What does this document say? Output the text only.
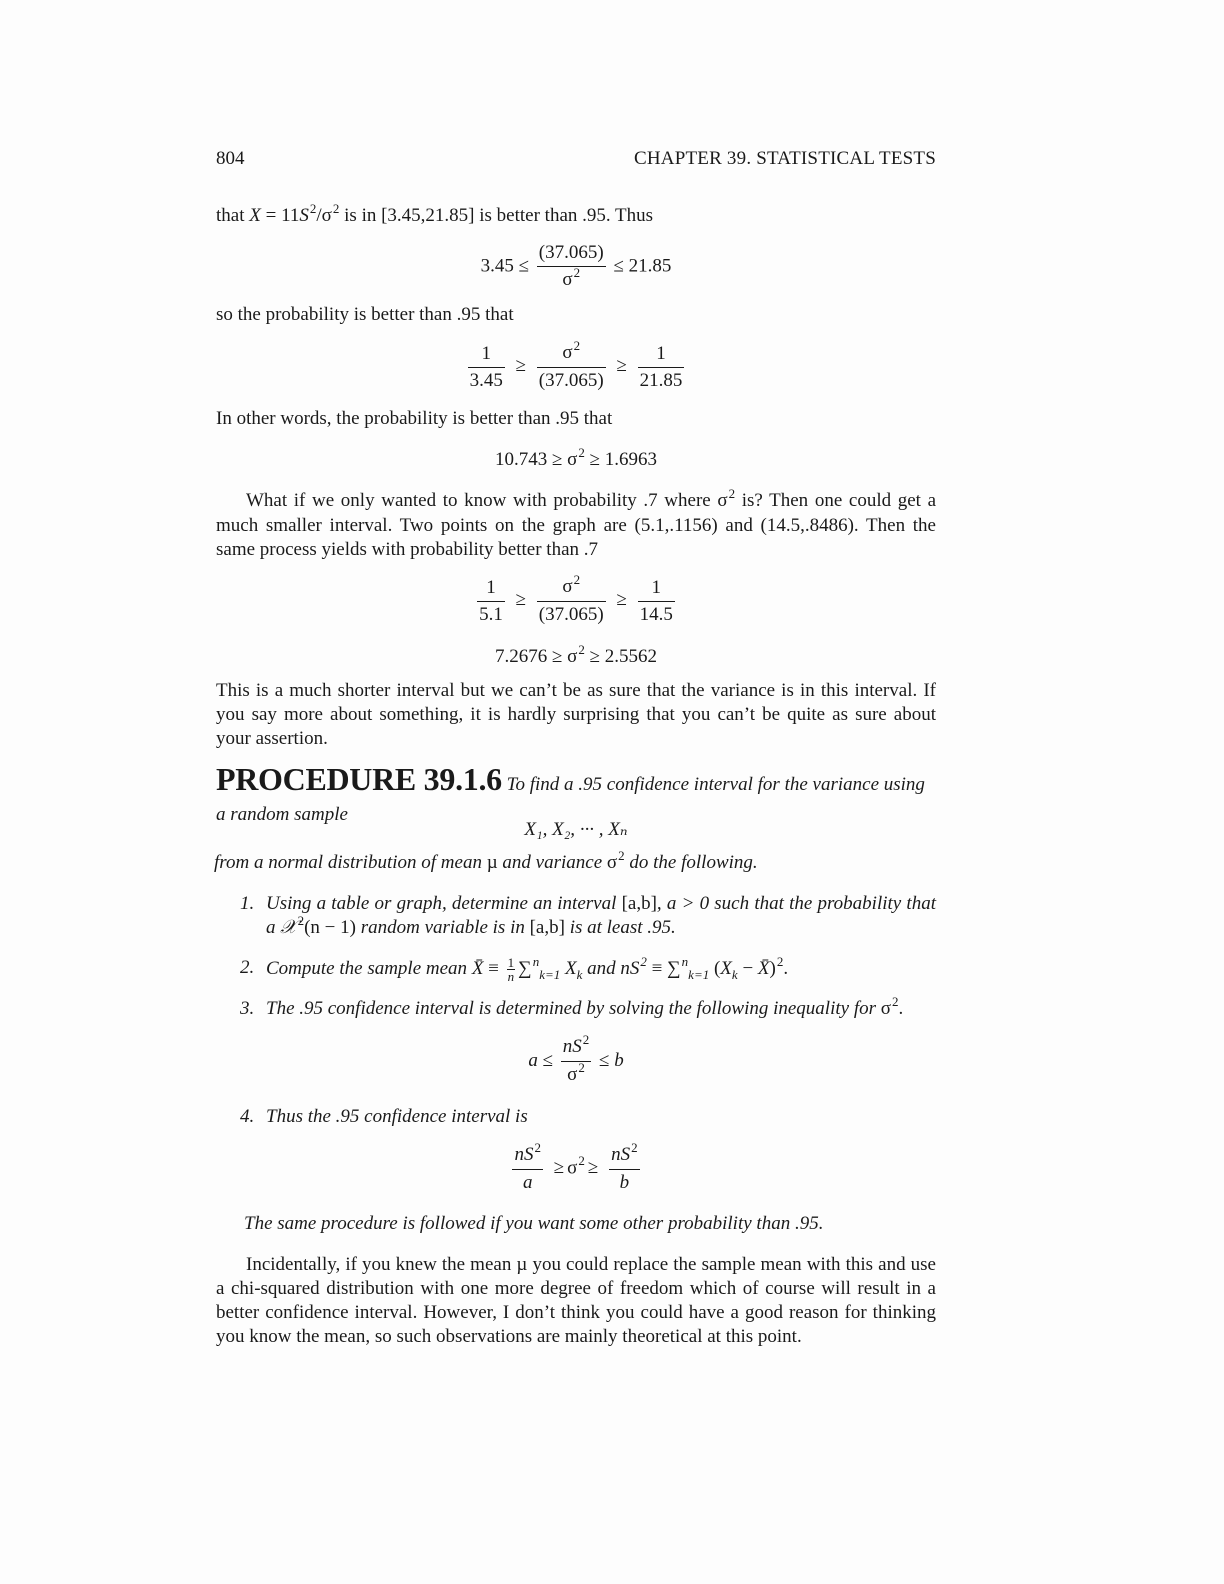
804	CHAPTER 39. STATISTICAL TESTS
that $X = 11S^2/\sigma^2$ is in [3.45,21.85] is better than .95. Thus
$3.45 \le \frac{(37.065)}{\sigma^2} \le 21.85$
so the probability is better than .95 that
$\frac{1}{3.45} \ge \frac{\sigma^2}{(37.065)} \ge \frac{1}{21.85}$
In other words, the probability is better than .95 that
$10.743 \ge \sigma^2 \ge 1.6963$
What if we only wanted to know with probability .7 where $\sigma^2$ is? Then one could get a much smaller interval. Two points on the graph are (5.1,.1156) and (14.5,.8486). Then the same process yields with probability better than .7
$\frac{1}{5.1} \ge \frac{\sigma^2}{(37.065)} \ge \frac{1}{14.5}$
$7.2676 \ge \sigma^2 \ge 2.5562$
This is a much shorter interval but we can’t be as sure that the variance is in this interval. If you say more about something, it is hardly surprising that you can’t be quite as sure about your assertion.
PROCEDURE 39.1.6 To find a .95 confidence interval for the variance using a random sample
X₁, X₂, ··· , Xₙ
from a normal distribution of mean µ and variance $\sigma^2$ do the following.
1. Using a table or graph, determine an interval [a,b], a > 0 such that the probability that a 𝒳$^2$(n − 1) random variable is in [a,b] is at least .95.
2. Compute the sample mean X̄ ≡ $\frac{1}{n} \sum^n_{k=1}$ $X_k$ and $nS^2 \equiv \sum^n_{k=1}$ ($X_k$ − X̄)$^2$.
3. The .95 confidence interval is determined by solving the following inequality for $\sigma^2$.
$a \le \frac{nS^2}{\sigma^2} \le b$
4. Thus the .95 confidence interval is
$\frac{nS^2}{a} \ge \sigma^2 \ge \frac{nS^2}{b}$
The same procedure is followed if you want some other probability than .95.
Incidentally, if you knew the mean µ you could replace the sample mean with this and use a chi-squared distribution with one more degree of freedom which of course will result in a better confidence interval. However, I don’t think you could have a good reason for thinking you know the mean, so such observations are mainly theoretical at this point.
